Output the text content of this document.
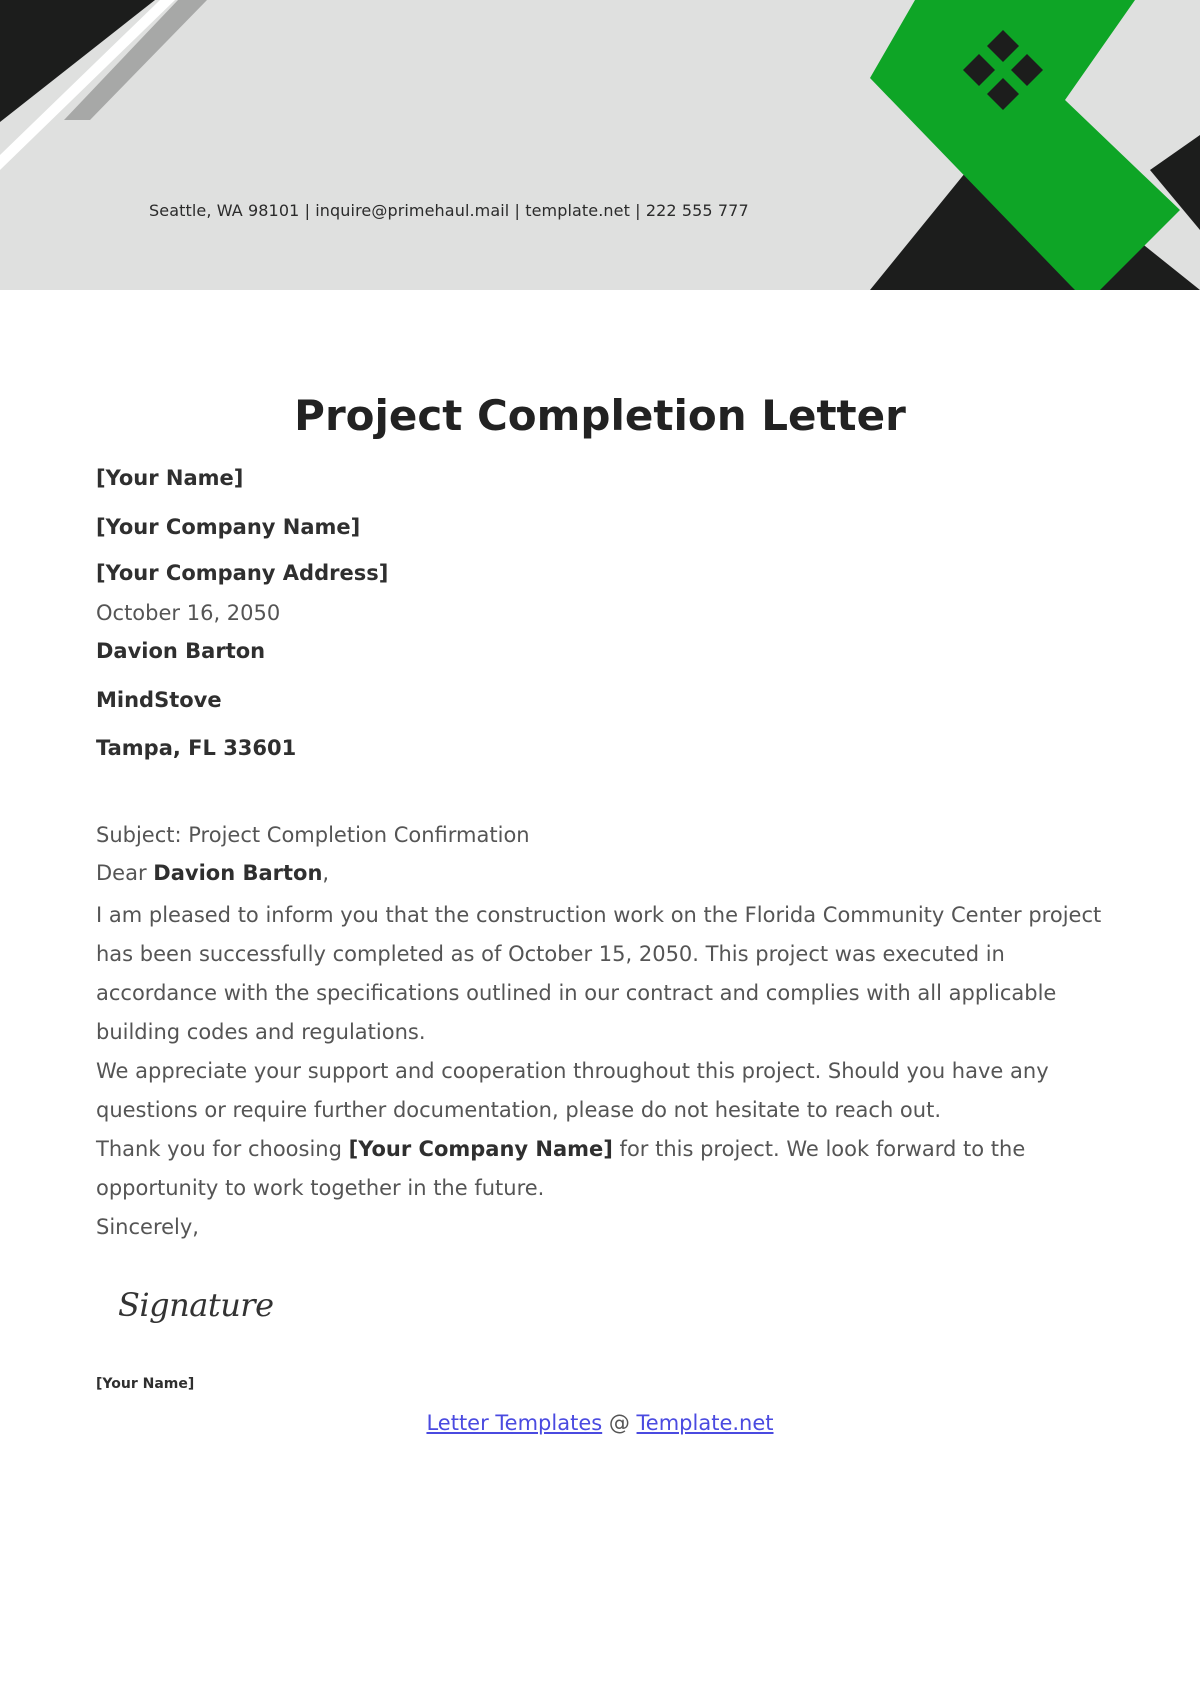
Seattle, WA 98101 | inquire@primehaul.mail | template.net | 222 555 777
Project Completion Letter
[Your Name]
[Your Company Name]
[Your Company Address]
October 16, 2050
Davion Barton
MindStove
Tampa, FL 33601
Subject: Project Completion Confirmation
Dear Davion Barton,

I am pleased to inform you that the construction work on the Florida Community Center project has been successfully completed as of October 15, 2050. This project was executed in accordance with the specifications outlined in our contract and complies with all applicable building codes and regulations.

We appreciate your support and cooperation throughout this project. Should you have any questions or require further documentation, please do not hesitate to reach out.

Thank you for choosing [Your Company Name] for this project. We look forward to the opportunity to work together in the future.

Sincerely,
Signature
[Your Name]
Letter Templates @ Template.net
